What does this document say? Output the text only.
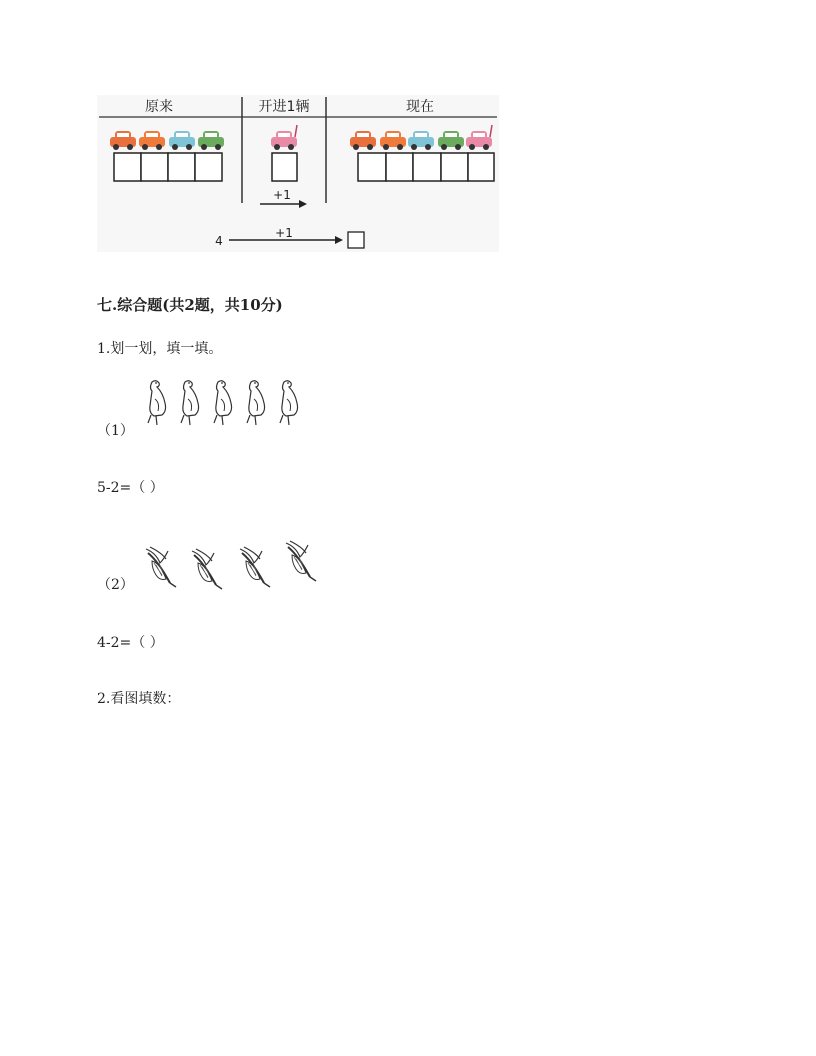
原来	开进1辆	现在
+1
4
+1
七.综合题(共2题，共10分)
1.划一划，填一填。
（1）
5-2=（ ）
（2）
4-2=（ ）
2.看图填数：
